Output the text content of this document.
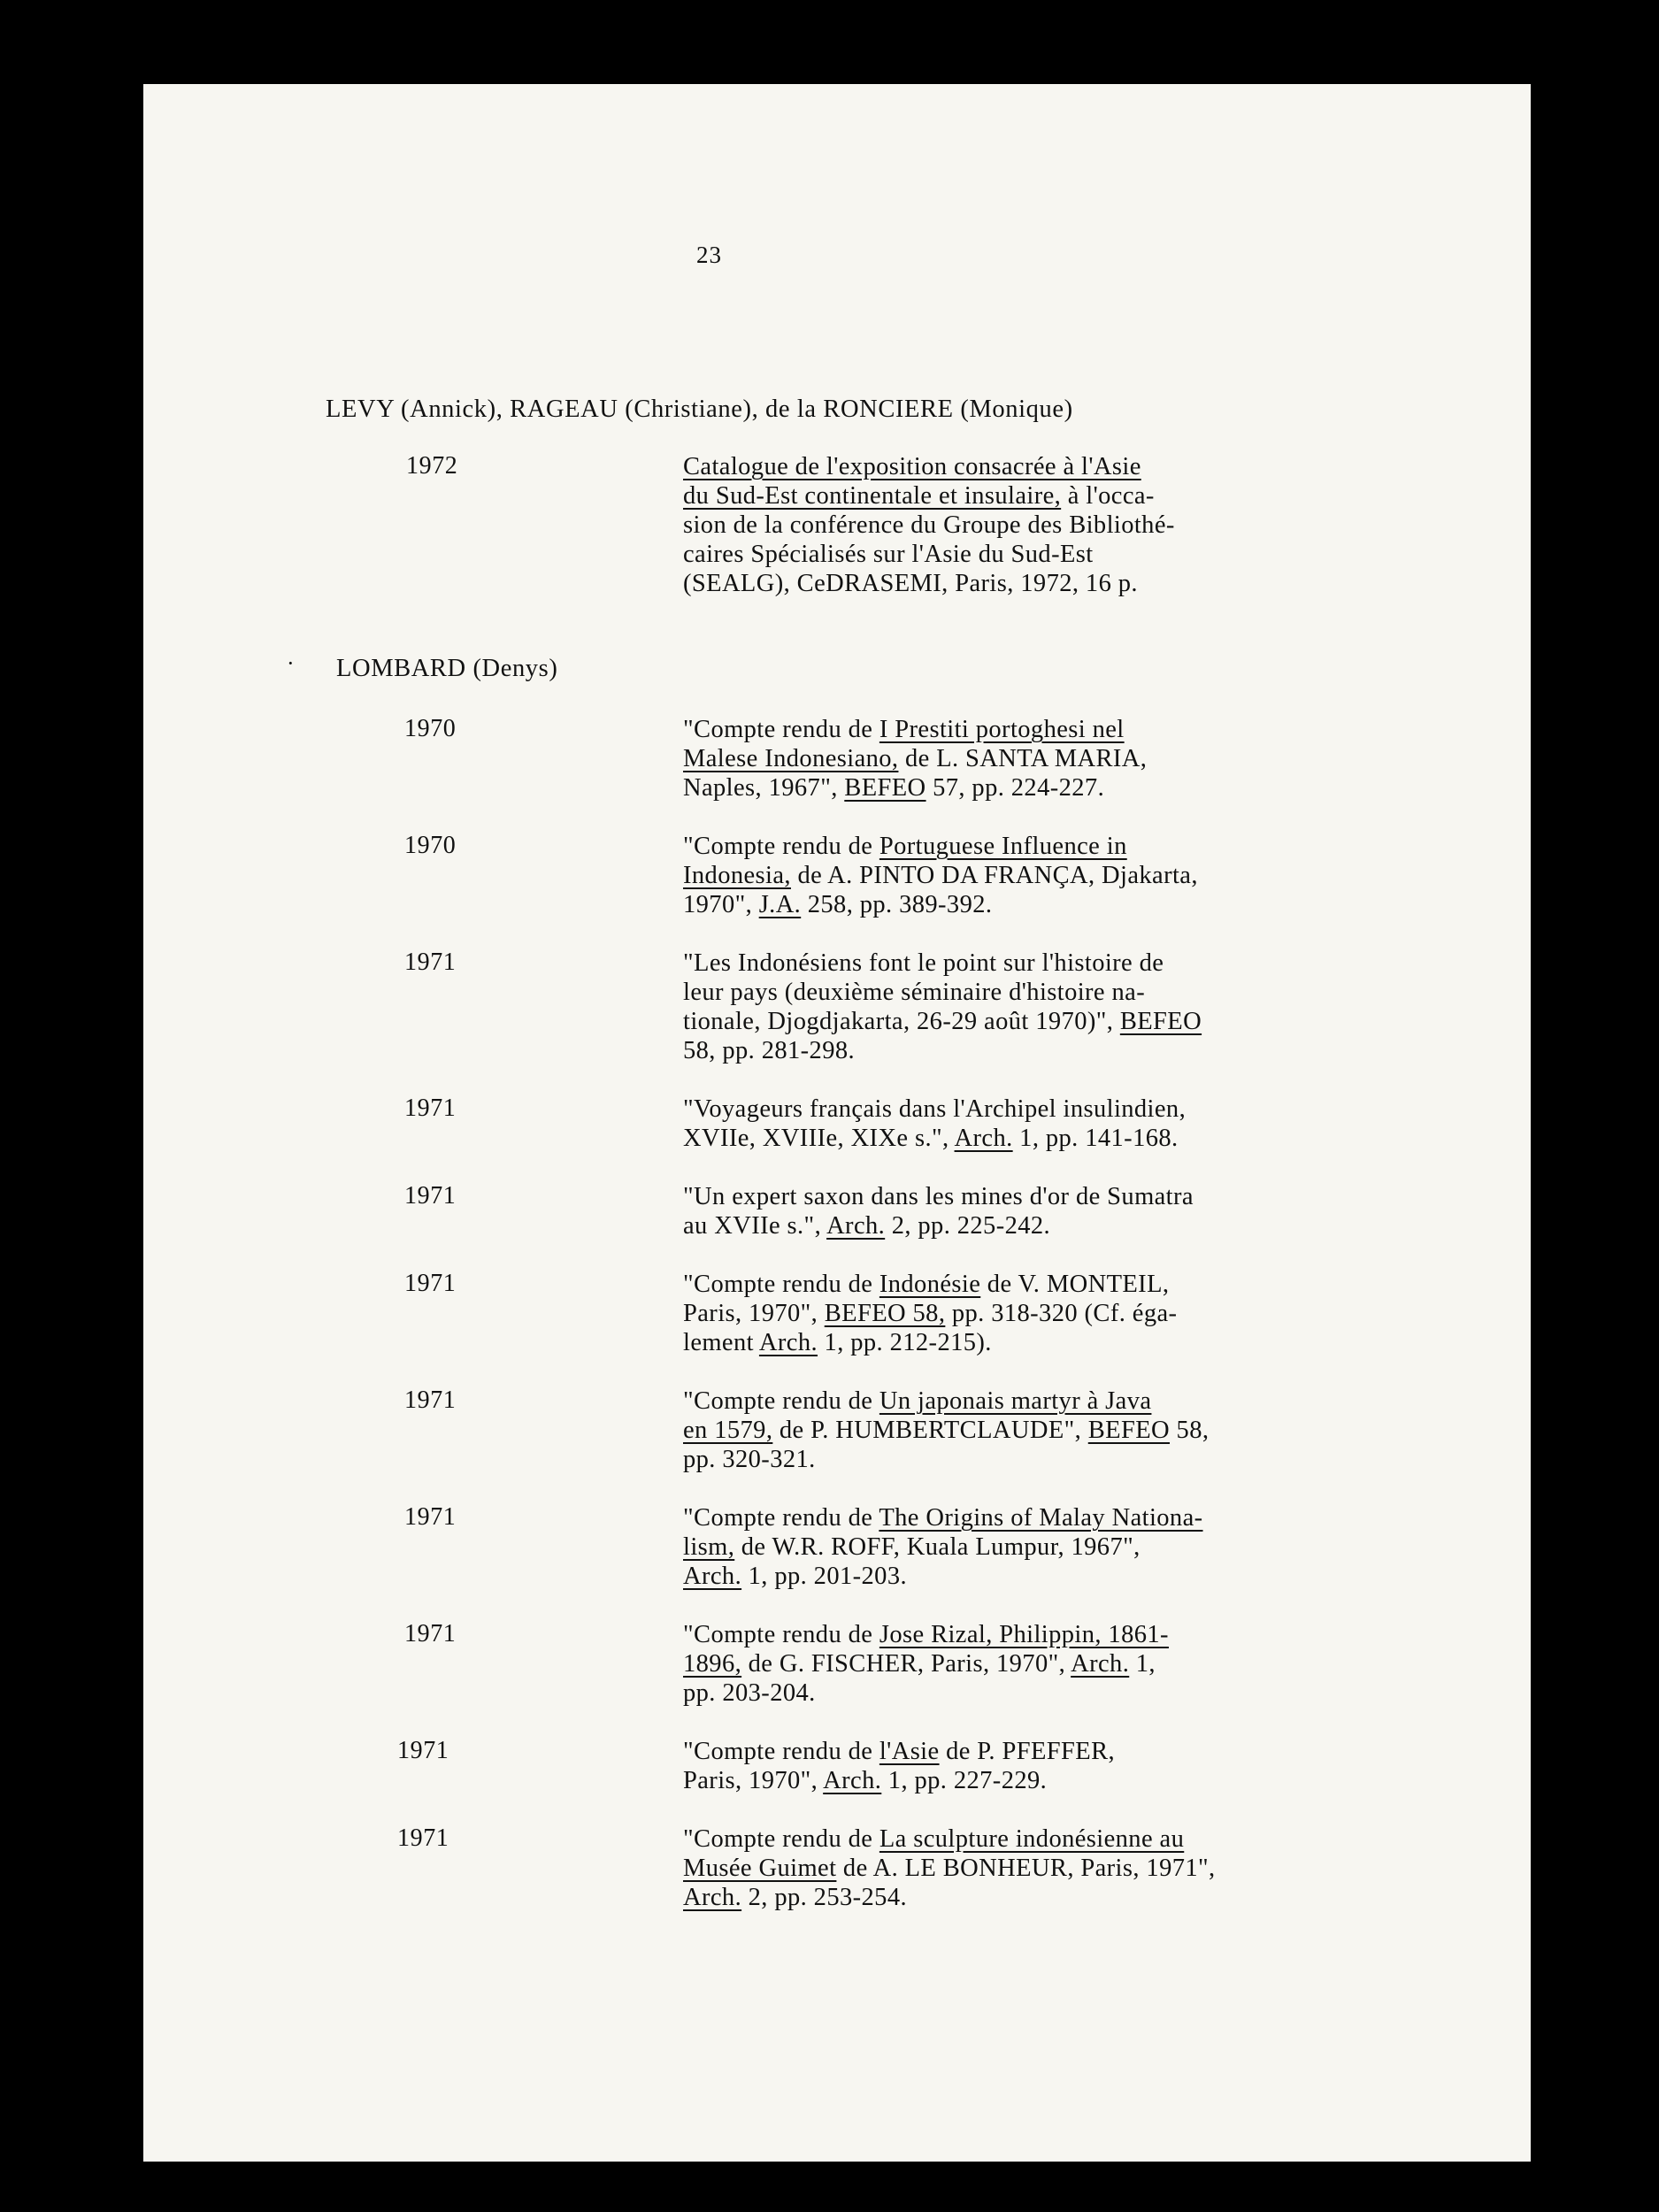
23
LEVY (Annick), RAGEAU (Christiane), de la RONCIERE (Monique)
1972	Catalogue de l'exposition consacrée à l'Asie
du Sud-Est continentale et insulaire, à l'occa-
sion de la conférence du Groupe des Bibliothé-
caires Spécialisés sur l'Asie du Sud-Est
(SEALG), CeDRASEMI, Paris, 1972, 16 p.
· LOMBARD (Denys)
1970	"Compte rendu de I Prestiti portoghesi nel
Malese Indonesiano, de L. SANTA MARIA,
Naples, 1967", BEFEO 57, pp. 224-227.
1970	"Compte rendu de Portuguese Influence in
Indonesia, de A. PINTO DA FRANÇA, Djakarta,
1970", J.A. 258, pp. 389-392.
1971	"Les Indonésiens font le point sur l'histoire de
leur pays (deuxième séminaire d'histoire na-
tionale, Djogdjakarta, 26-29 août 1970)", BEFEO
58, pp. 281-298.
1971	"Voyageurs français dans l'Archipel insulindien,
XVIIe, XVIIIe, XIXe s.", Arch. 1, pp. 141-168.
1971	"Un expert saxon dans les mines d'or de Sumatra
au XVIIe s.", Arch. 2, pp. 225-242.
1971	"Compte rendu de Indonésie de V. MONTEIL,
Paris, 1970", BEFEO 58, pp. 318-320 (Cf. éga-
lement Arch. 1, pp. 212-215).
1971	"Compte rendu de Un japonais martyr à Java
en 1579, de P. HUMBERTCLAUDE", BEFEO 58,
pp. 320-321.
1971	"Compte rendu de The Origins of Malay Nationa-
lism, de W.R. ROFF, Kuala Lumpur, 1967",
Arch. 1, pp. 201-203.
1971	"Compte rendu de Jose Rizal, Philippin, 1861-
1896, de G. FISCHER, Paris, 1970", Arch. 1,
pp. 203-204.
1971	"Compte rendu de l'Asie de P. PFEFFER,
Paris, 1970", Arch. 1, pp. 227-229.
1971	"Compte rendu de La sculpture indonésienne au
Musée Guimet de A. LE BONHEUR, Paris, 1971",
Arch. 2, pp. 253-254.
